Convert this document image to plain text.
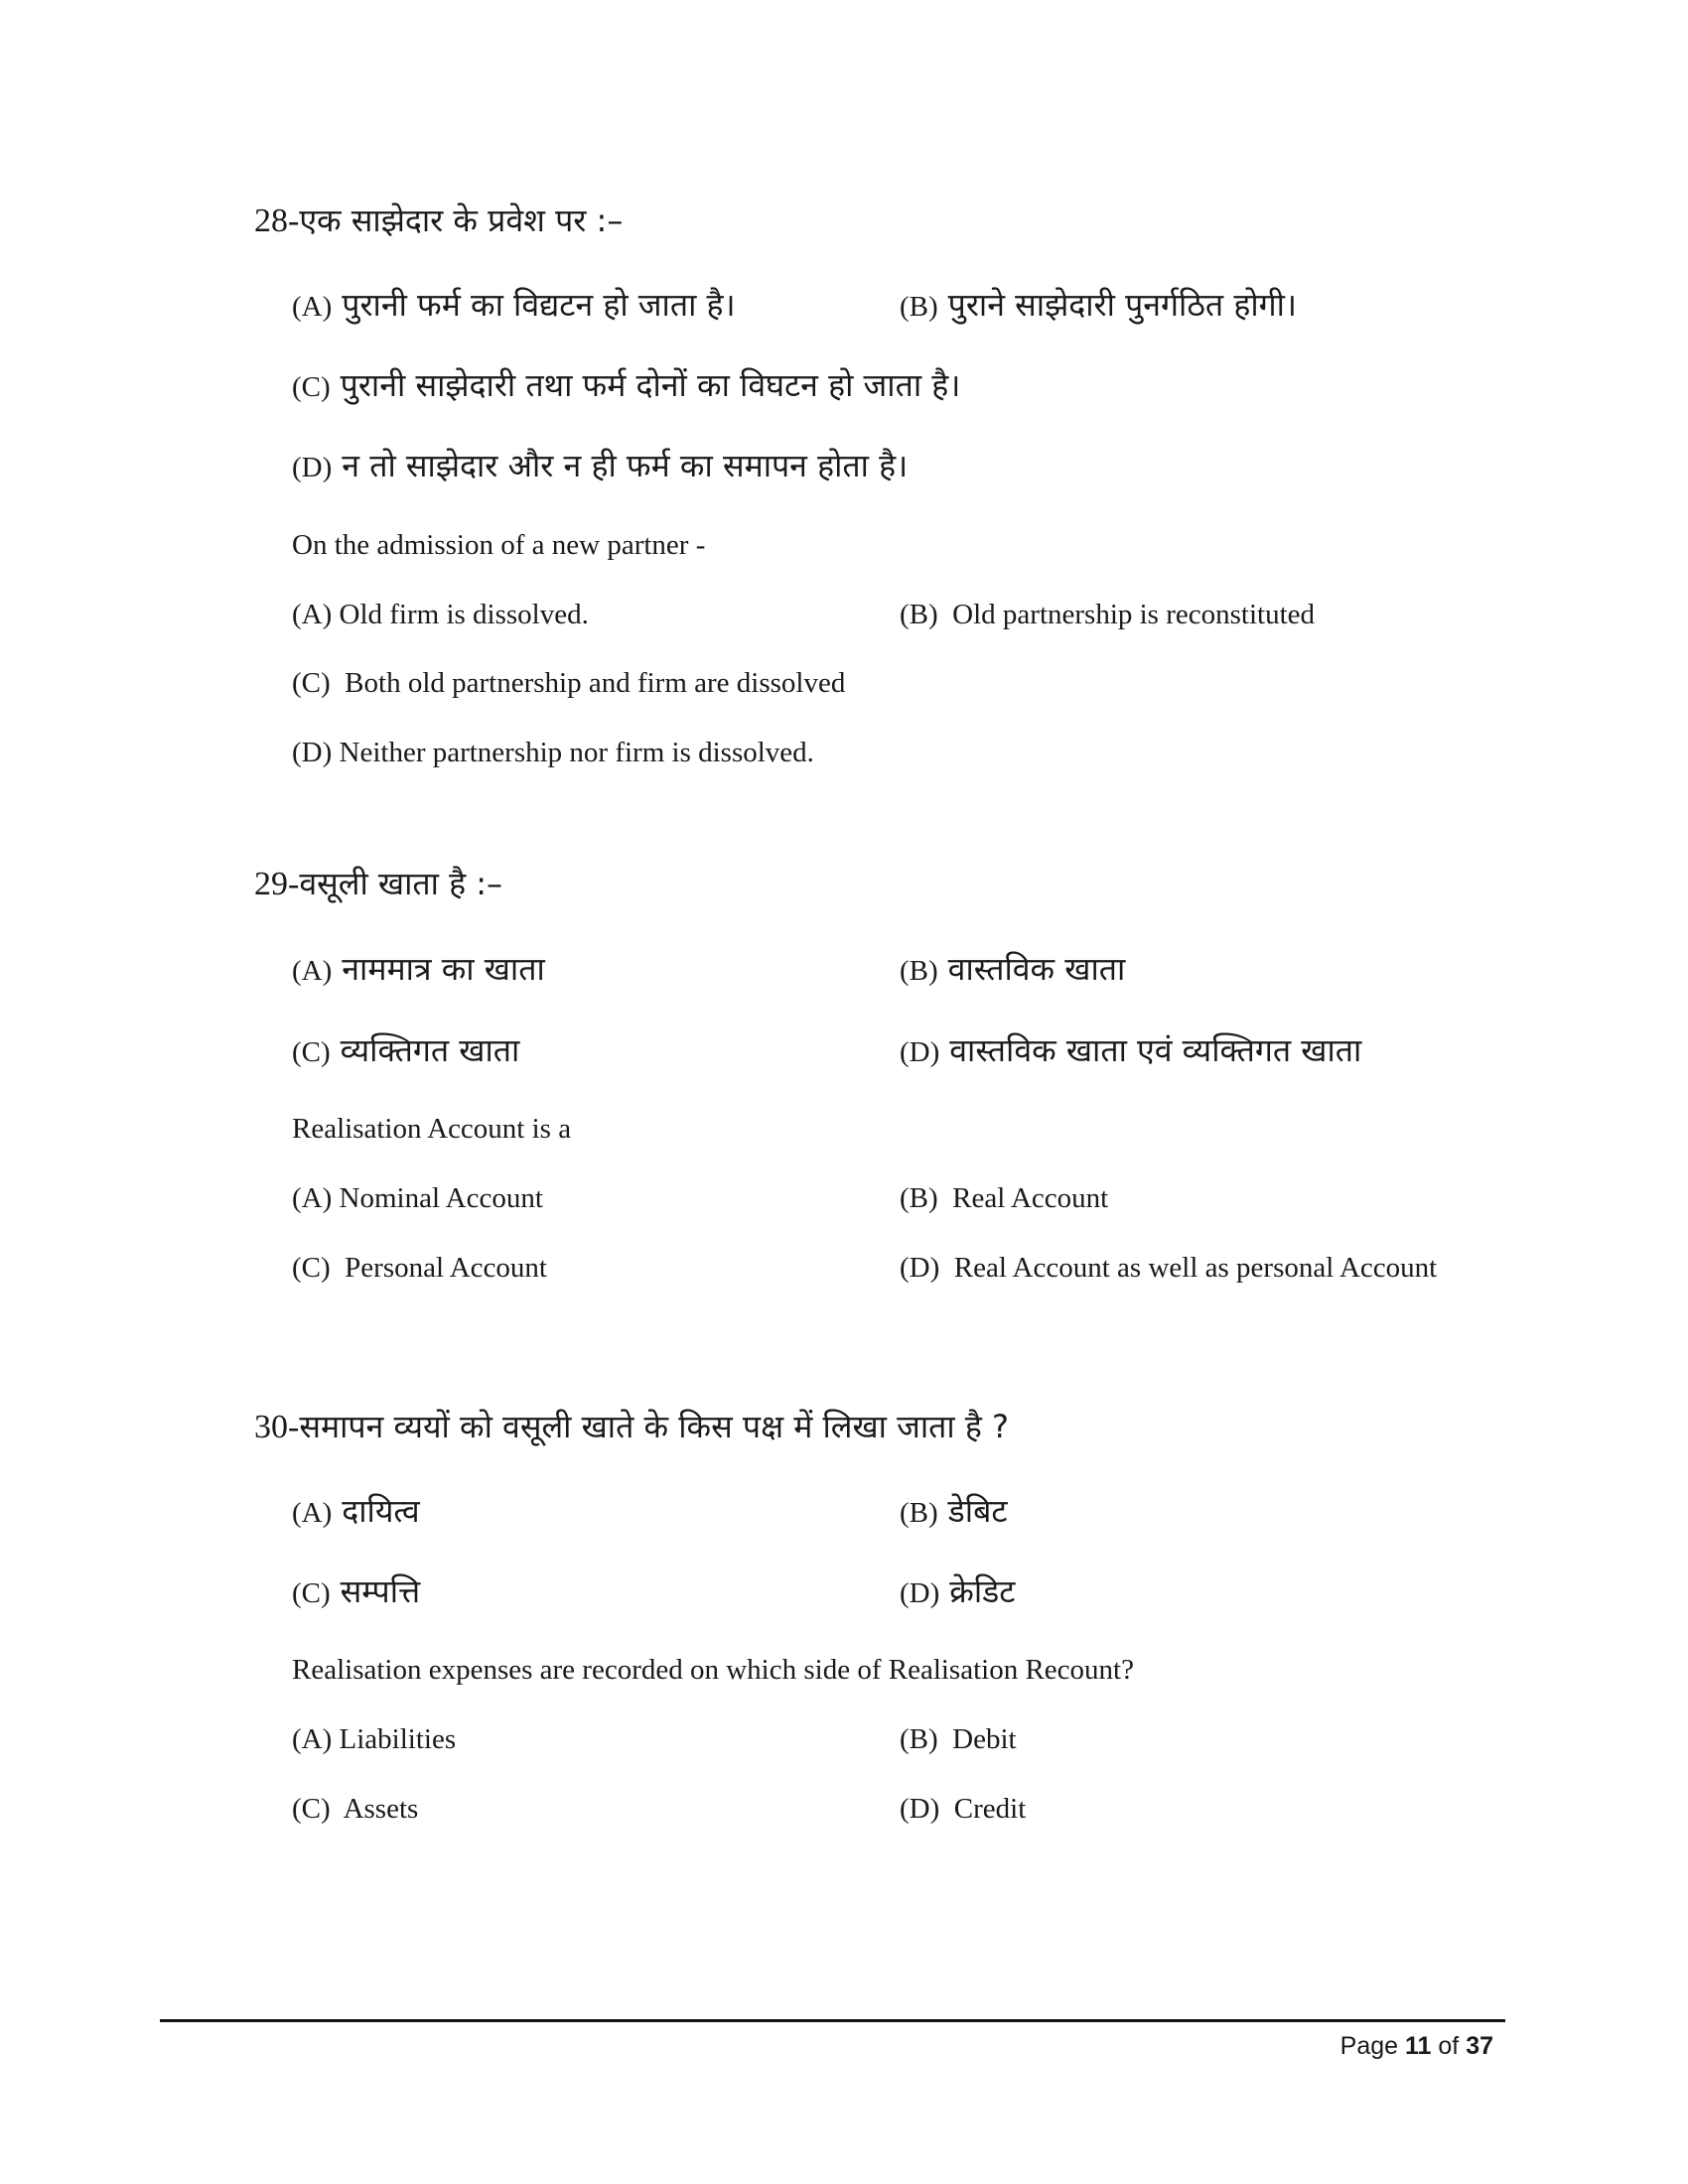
28-एक साझेदार के प्रवेश पर :–
(A) पुरानी फर्म का विद्यटन हो जाता है।	(B) पुराने साझेदारी पुनर्गठित होगी।
(C) पुरानी साझेदारी तथा फर्म दोनों का विघटन हो जाता है।
(D) न तो साझेदार और न ही फर्म का समापन होता है।
On the admission of a new partner -
(A) Old firm is dissolved.	(B) Old partnership is reconstituted
(C) Both old partnership and firm are dissolved
(D) Neither partnership nor firm is dissolved.
29-वसूली खाता है :–
(A) नाममात्र का खाता	(B) वास्तविक खाता
(C) व्यक्तिगत खाता	(D) वास्तविक खाता एवं व्यक्तिगत खाता
Realisation Account is a
(A) Nominal Account	(B) Real Account
(C) Personal Account	(D) Real Account as well as personal Account
30-समापन व्ययों को वसूली खाते के किस पक्ष में लिखा जाता है ?
(A) दायित्व	(B) डेबिट
(C) सम्पत्ति	(D) क्रेडिट
Realisation expenses are recorded on which side of Realisation Recount?
(A) Liabilities	(B) Debit
(C) Assets	(D) Credit
Page 11 of 37
